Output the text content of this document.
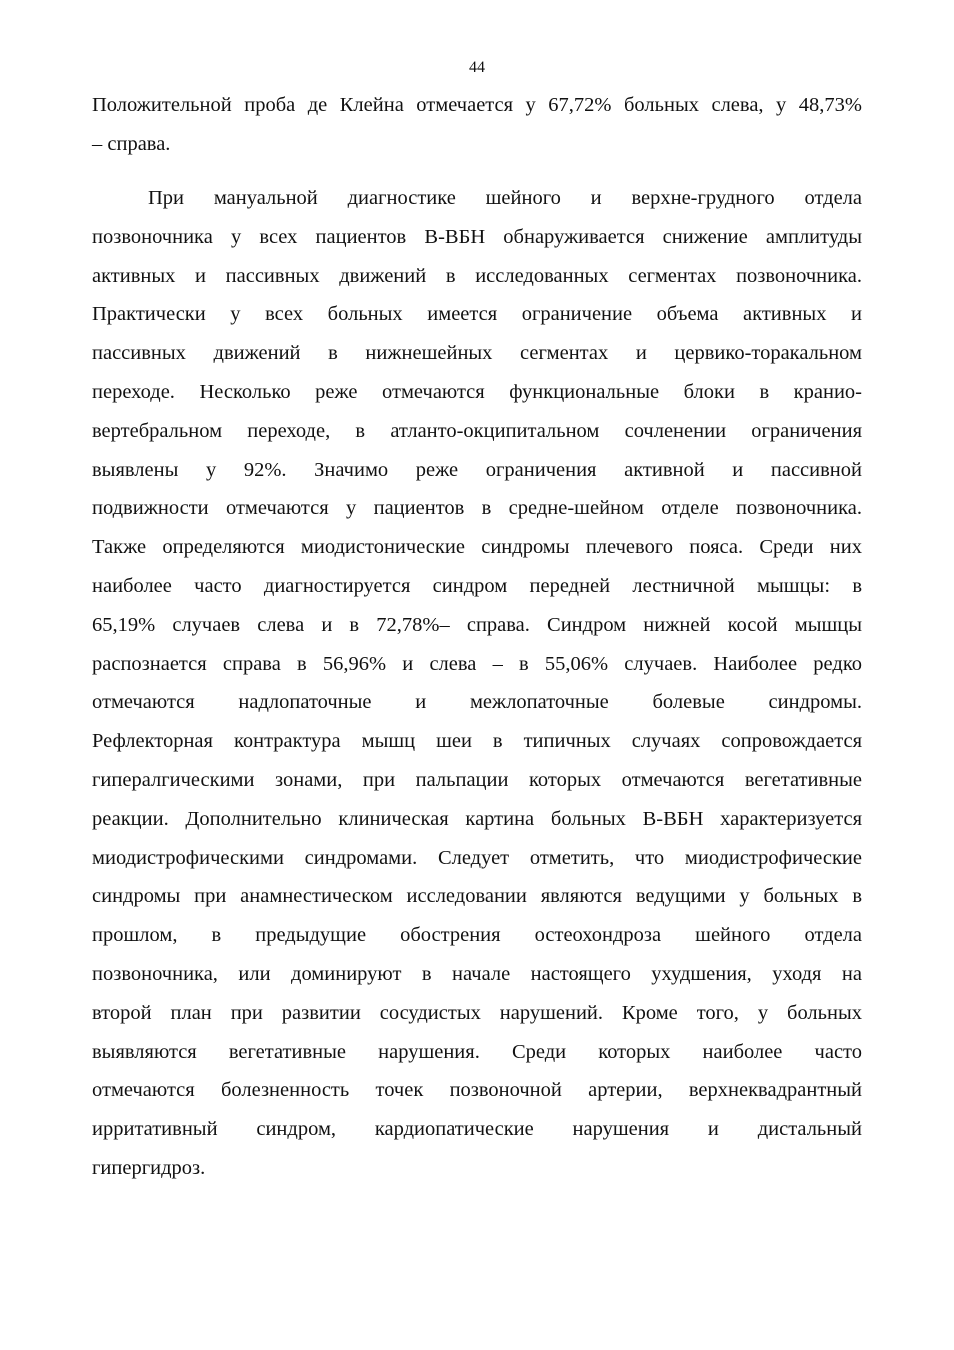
44
Положительной проба де Клейна отмечается у 67,72% больных слева, у 48,73%
– справа.
При мануальной диагностике шейного и верхне-грудного отдела
позвоночника у всех пациентов В-ВБН обнаруживается снижение амплитуды
активных и пассивных движений в исследованных сегментах позвоночника.
Практически у всех больных имеется ограничение объема активных и
пассивных движений в нижнешейных сегментах и цервико-торакальном
переходе. Несколько реже отмечаются функциональные блоки в кранио-
вертебральном переходе, в атланто-окципитальном сочленении ограничения
выявлены у 92%. Значимо реже ограничения активной и пассивной
подвижности отмечаются у пациентов в средне-шейном отделе позвоночника.
Также определяются миодистонические синдромы плечевого пояса. Среди них
наиболее часто диагностируется синдром передней лестничной мышцы: в
65,19% случаев слева и в 72,78%– справа. Синдром нижней косой мышцы
распознается справа в 56,96% и слева – в 55,06% случаев. Наиболее редко
отмечаются надлопаточные и межлопаточные болевые синдромы.
Рефлекторная контрактура мышц шеи в типичных случаях сопровождается
гипералгическими зонами, при пальпации которых отмечаются вегетативные
реакции. Дополнительно клиническая картина больных В-ВБН характеризуется
миодистрофическими синдромами. Следует отметить, что миодистрофические
синдромы при анамнестическом исследовании являются ведущими у больных в
прошлом, в предыдущие обострения остеохондроза шейного отдела
позвоночника, или доминируют в начале настоящего ухудшения, уходя на
второй план при развитии сосудистых нарушений. Кроме того, у больных
выявляются вегетативные нарушения. Среди которых наиболее часто
отмечаются болезненность точек позвоночной артерии, верхнеквадрантный
ирритативный синдром, кардиопатические нарушения и дистальный
гипергидроз.
